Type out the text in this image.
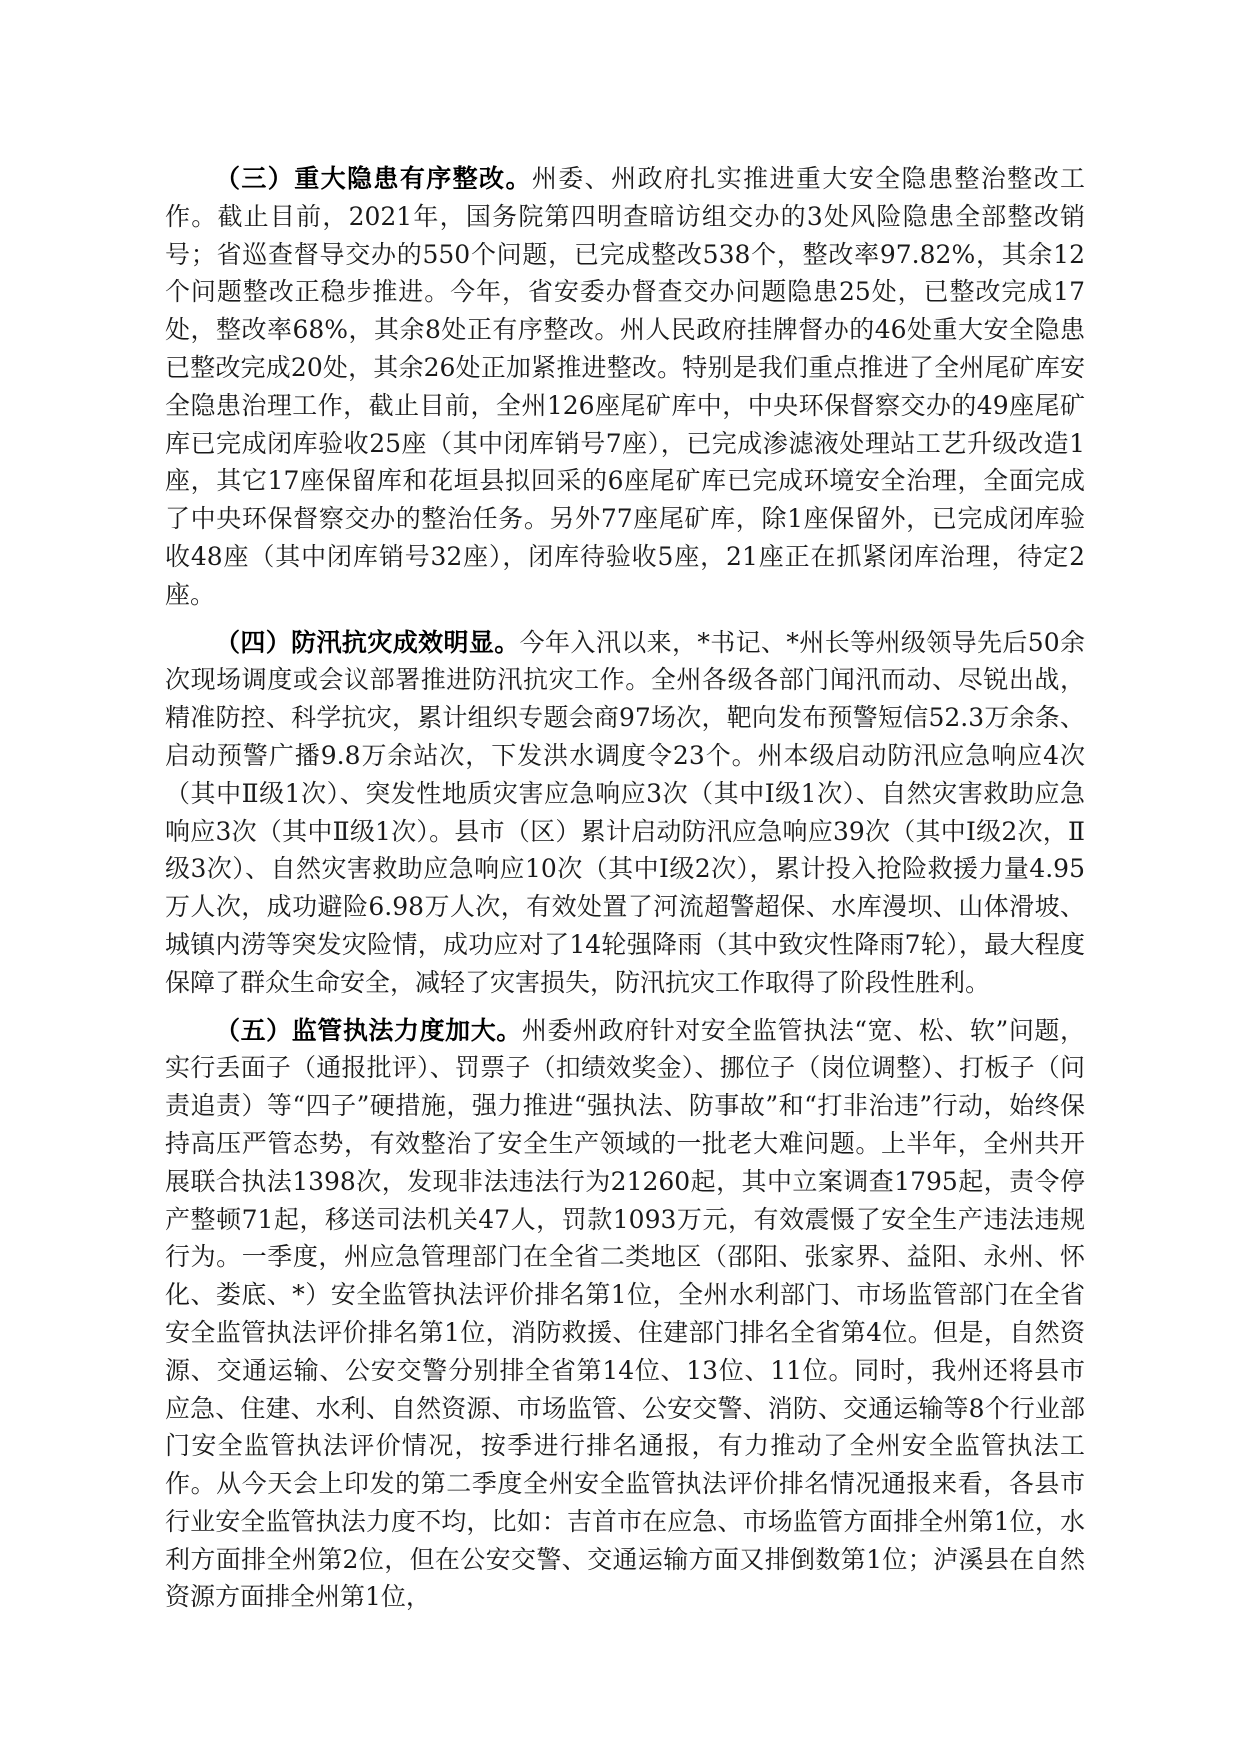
（三）重大隐患有序整改。州委、州政府扎实推进重大安全隐患整治整改工作。截止目前，2021年，国务院第四明查暗访组交办的3处风险隐患全部整改销号；省巡查督导交办的550个问题，已完成整改538个，整改率97.82%，其余12个问题整改正稳步推进。今年，省安委办督查交办问题隐患25处，已整改完成17处，整改率68%，其余8处正有序整改。州人民政府挂牌督办的46处重大安全隐患已整改完成20处，其余26处正加紧推进整改。特别是我们重点推进了全州尾矿库安全隐患治理工作，截止目前，全州126座尾矿库中，中央环保督察交办的49座尾矿库已完成闭库验收25座（其中闭库销号7座），已完成渗滤液处理站工艺升级改造1座，其它17座保留库和花垣县拟回采的6座尾矿库已完成环境安全治理，全面完成了中央环保督察交办的整治任务。另外77座尾矿库，除1座保留外，已完成闭库验收48座（其中闭库销号32座），闭库待验收5座，21座正在抓紧闭库治理，待定2座。

（四）防汛抗灾成效明显。今年入汛以来，*书记、*州长等州级领导先后50余次现场调度或会议部署推进防汛抗灾工作。全州各级各部门闻汛而动、尽锐出战，精准防控、科学抗灾，累计组织专题会商97场次，靶向发布预警短信52.3万余条、启动预警广播9.8万余站次，下发洪水调度令23个。州本级启动防汛应急响应4次（其中Ⅱ级1次）、突发性地质灾害应急响应3次（其中Ⅰ级1次）、自然灾害救助应急响应3次（其中Ⅱ级1次）。县市（区）累计启动防汛应急响应39次（其中Ⅰ级2次，Ⅱ级3次）、自然灾害救助应急响应10次（其中Ⅰ级2次），累计投入抢险救援力量4.95万人次，成功避险6.98万人次，有效处置了河流超警超保、水库漫坝、山体滑坡、城镇内涝等突发灾险情，成功应对了14轮强降雨（其中致灾性降雨7轮），最大程度保障了群众生命安全，减轻了灾害损失，防汛抗灾工作取得了阶段性胜利。

（五）监管执法力度加大。州委州政府针对安全监管执法“宽、松、软”问题，实行丢面子（通报批评）、罚票子（扣绩效奖金）、挪位子（岗位调整）、打板子（问责追责）等“四子”硬措施，强力推进“强执法、防事故”和“打非治违”行动，始终保持高压严管态势，有效整治了安全生产领域的一批老大难问题。上半年，全州共开展联合执法1398次，发现非法违法行为21260起，其中立案调查1795起，责令停产整顿71起，移送司法机关47人，罚款1093万元，有效震慑了安全生产违法违规行为。一季度，州应急管理部门在全省二类地区（邵阳、张家界、益阳、永州、怀化、娄底、*）安全监管执法评价排名第1位，全州水利部门、市场监管部门在全省安全监管执法评价排名第1位，消防救援、住建部门排名全省第4位。但是，自然资源、交通运输、公安交警分别排全省第14位、13位、11位。同时，我州还将县市应急、住建、水利、自然资源、市场监管、公安交警、消防、交通运输等8个行业部门安全监管执法评价情况，按季进行排名通报，有力推动了全州安全监管执法工作。从今天会上印发的第二季度全州安全监管执法评价排名情况通报来看，各县市行业安全监管执法力度不均，比如：吉首市在应急、市场监管方面排全州第1位，水利方面排全州第2位，但在公安交警、交通运输方面又排倒数第1位；泸溪县在自然资源方面排全州第1位，
